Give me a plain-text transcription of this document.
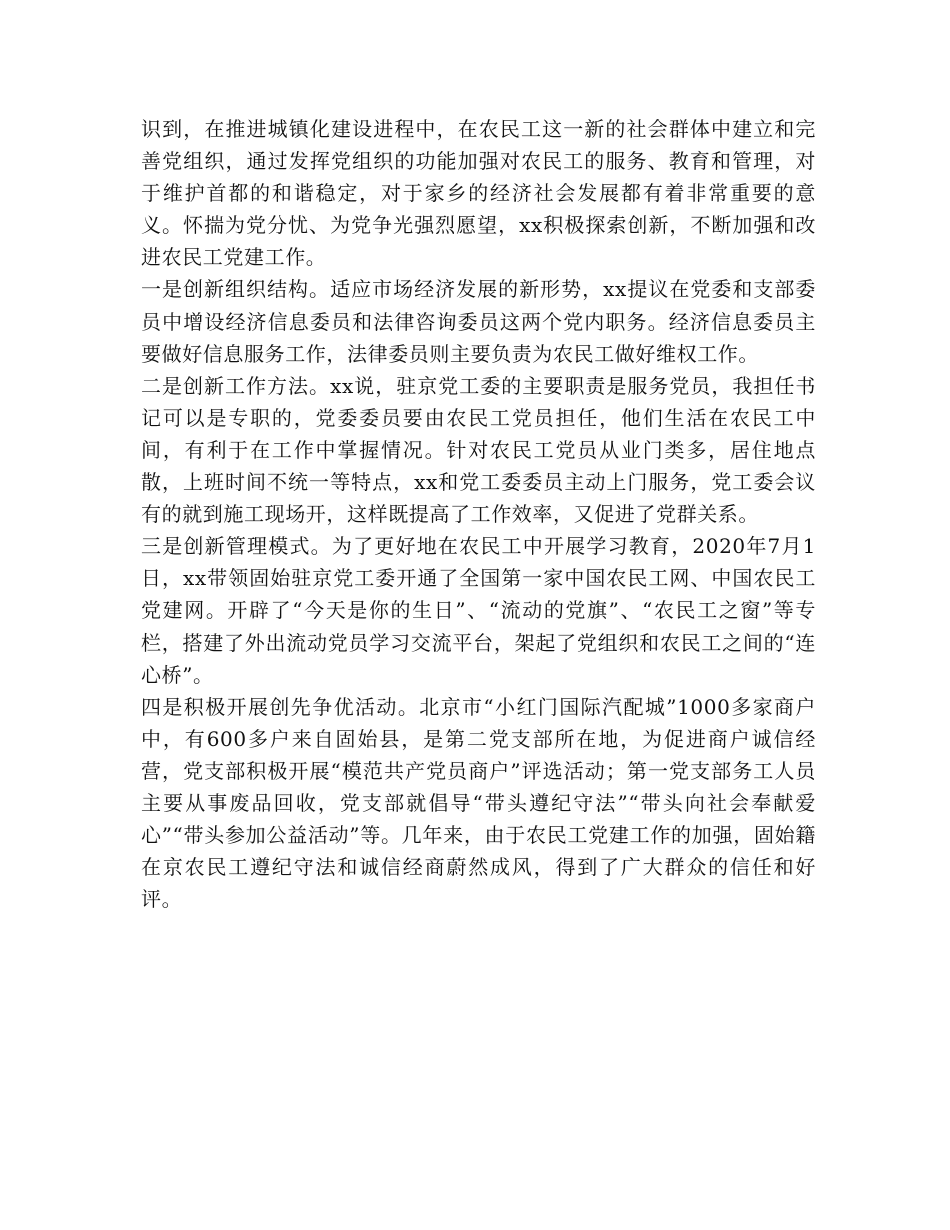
识到，在推进城镇化建设进程中，在农民工这一新的社会群体中建立和完善党组织，通过发挥党组织的功能加强对农民工的服务、教育和管理，对于维护首都的和谐稳定，对于家乡的经济社会发展都有着非常重要的意义。怀揣为党分忧、为党争光强烈愿望，xx积极探索创新，不断加强和改进农民工党建工作。

一是创新组织结构。适应市场经济发展的新形势，xx提议在党委和支部委员中增设经济信息委员和法律咨询委员这两个党内职务。经济信息委员主要做好信息服务工作，法律委员则主要负责为农民工做好维权工作。

二是创新工作方法。xx说，驻京党工委的主要职责是服务党员，我担任书记可以是专职的，党委委员要由农民工党员担任，他们生活在农民工中间，有利于在工作中掌握情况。针对农民工党员从业门类多，居住地点散，上班时间不统一等特点，xx和党工委委员主动上门服务，党工委会议有的就到施工现场开，这样既提高了工作效率，又促进了党群关系。

三是创新管理模式。为了更好地在农民工中开展学习教育，2020年7月1日，xx带领固始驻京党工委开通了全国第一家中国农民工网、中国农民工党建网。开辟了“今天是你的生日”、“流动的党旗”、“农民工之窗”等专栏，搭建了外出流动党员学习交流平台，架起了党组织和农民工之间的“连心桥”。

四是积极开展创先争优活动。北京市“小红门国际汽配城”1000多家商户中，有600多户来自固始县，是第二党支部所在地，为促进商户诚信经营，党支部积极开展“模范共产党员商户”评选活动；第一党支部务工人员主要从事废品回收，党支部就倡导“带头遵纪守法”“带头向社会奉献爱心”“带头参加公益活动”等。几年来，由于农民工党建工作的加强，固始籍在京农民工遵纪守法和诚信经商蔚然成风，得到了广大群众的信任和好评。
